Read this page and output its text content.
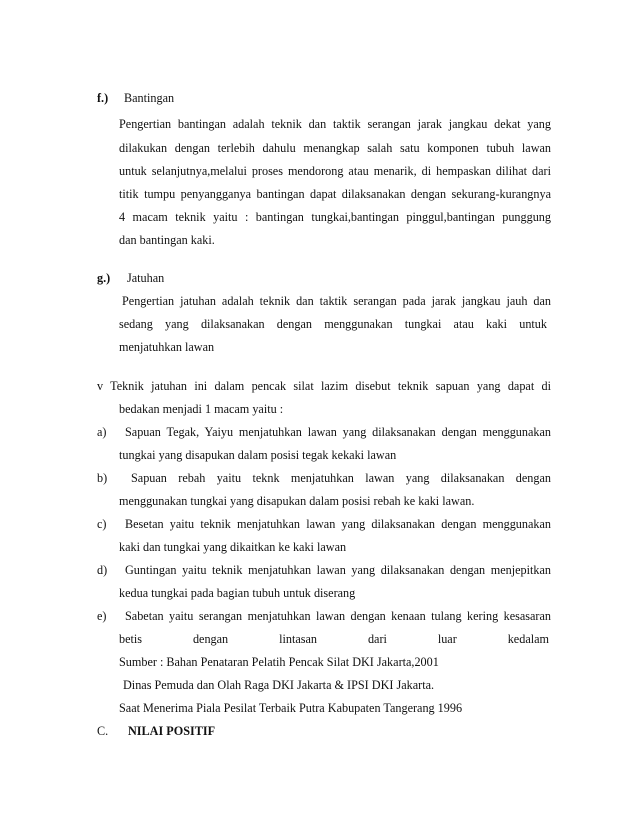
f.) Bantingan
Pengertian bantingan adalah teknik dan taktik serangan jarak jangkau dekat yang
dilakukan dengan terlebih dahulu menangkap salah satu komponen tubuh lawan
untuk selanjutnya,melalui proses mendorong atau menarik, di hempaskan dilihat dari
titik tumpu penyangganya bantingan dapat dilaksanakan dengan sekurang-kurangnya
4 macam teknik yaitu : bantingan tungkai,bantingan pinggul,bantingan punggung
dan bantingan kaki.
g.) Jatuhan
Pengertian jatuhan adalah teknik dan taktik serangan pada jarak jangkau jauh dan
sedang yang dilaksanakan dengan menggunakan tungkai atau kaki untuk
menjatuhkan lawan
v Teknik jatuhan ini dalam pencak silat lazim disebut teknik sapuan yang dapat di
bedakan menjadi 1 macam yaitu :
a) Sapuan Tegak, Yaiyu menjatuhkan lawan yang dilaksanakan dengan menggunakan
tungkai yang disapukan dalam posisi tegak kekaki lawan
b) Sapuan rebah yaitu teknk menjatuhkan lawan yang dilaksanakan dengan
menggunakan tungkai yang disapukan dalam posisi rebah ke kaki lawan.
c) Besetan yaitu teknik menjatuhkan lawan yang dilaksanakan dengan menggunakan
kaki dan tungkai yang dikaitkan ke kaki lawan
d) Guntingan yaitu teknik menjatuhkan lawan yang dilaksanakan dengan menjepitkan
kedua tungkai pada bagian tubuh untuk diserang
e) Sabetan yaitu serangan menjatuhkan lawan dengan kenaan tulang kering kesasaran
betis dengan lintasan dari luar kedalam
Sumber : Bahan Penataran Pelatih Pencak Silat DKI Jakarta,2001
Dinas Pemuda dan Olah Raga DKI Jakarta & IPSI DKI Jakarta.
Saat Menerima Piala Pesilat Terbaik Putra Kabupaten Tangerang 1996
C. NILAI POSITIF
